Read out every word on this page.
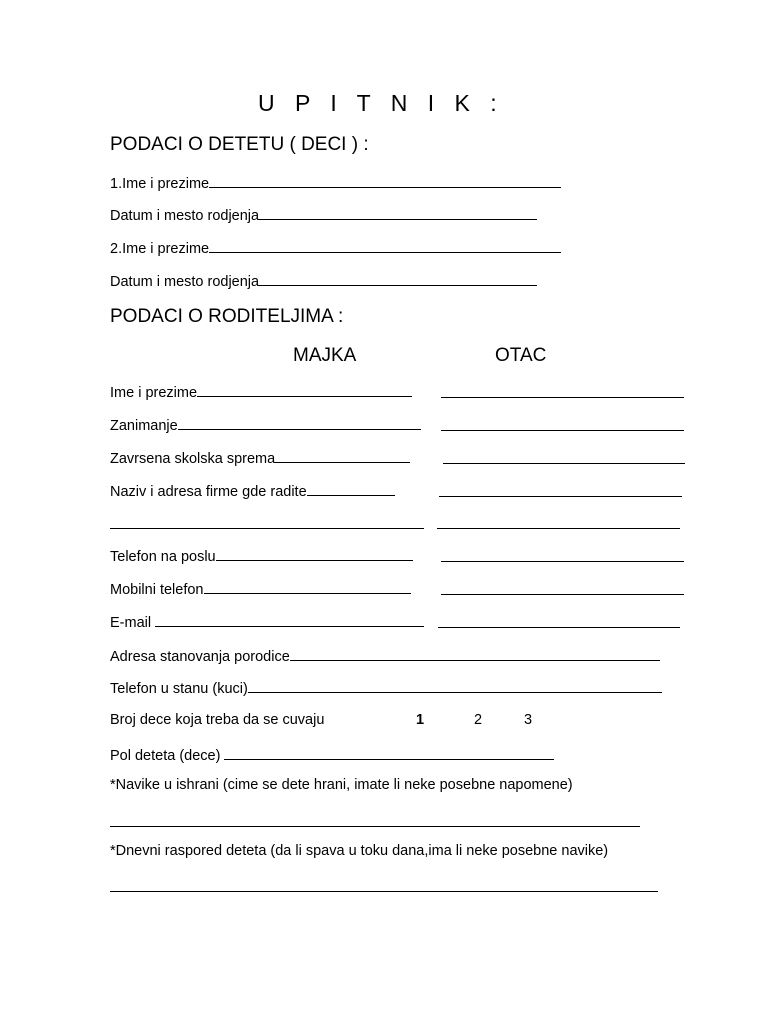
U P I T N I K :
PODACI O DETETU ( DECI ) :
1.Ime i prezime
Datum i mesto rodjenja
2.Ime i prezime
Datum i mesto rodjenja
PODACI O RODITELJIMA :
MAJKA	OTAC
Ime i prezime
Zanimanje
Zavrsena skolska sprema
Naziv i adresa firme gde radite
Telefon na poslu
Mobilni telefon
E-mail
Adresa stanovanja porodice
Telefon u stanu (kuci)
Broj dece koja treba da se cuvaju	1	2	3
Pol deteta (dece)
*Navike u ishrani (cime se dete hrani, imate li neke posebne napomene)
*Dnevni raspored deteta (da li spava u toku dana,ima li neke posebne navike)
